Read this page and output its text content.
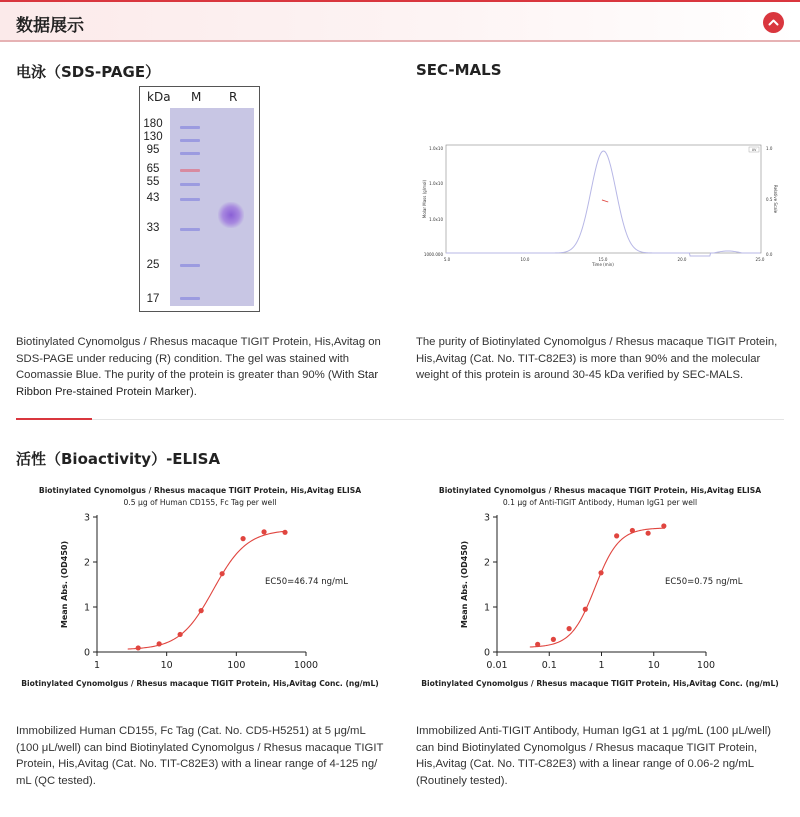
数据展示
电泳（SDS-PAGE）
kDa M R
180
130
95
65
55
43
33
25
17
Biotinylated Cynomolgus / Rhesus macaque TIGIT Protein, His,Avitag on
SDS-PAGE under reducing (R) condition. The gel was stained with
Coomassie Blue. The purity of the protein is greater than 90% (With Star
Ribbon Pre-stained Protein Marker).
SEC-MALS
1.0x10
1.0x10
1.0x10
1000.000
1.0
0.5
0.0
5.0	10.0	15.0	20.0	25.0
Time (min)
Molar Mass (g/mol)	Relative Scale
UV
The purity of Biotinylated Cynomolgus / Rhesus macaque TIGIT Protein,
His,Avitag (Cat. No. TIT-C82E3) is more than 90% and the molecular
weight of this protein is around 30-45 kDa verified by SEC-MALS.
活性（Bioactivity）-ELISA
Biotinylated Cynomolgus / Rhesus macaque TIGIT Protein, His,Avitag ELISA
0.5 μg of Human CD155, Fc Tag per well
0
1
2
3
1	10	100	1000
Mean Abs. (OD450)
Biotinylated Cynomolgus / Rhesus macaque TIGIT Protein, His,Avitag Conc. (ng/mL)
EC50=46.74 ng/mL
Biotinylated Cynomolgus / Rhesus macaque TIGIT Protein, His,Avitag ELISA
0.1 μg of Anti-TIGIT Antibody, Human IgG1 per well
0
1
2
3
0.01	0.1	1	10	100
Mean Abs. (OD450)
Biotinylated Cynomolgus / Rhesus macaque TIGIT Protein, His,Avitag Conc. (ng/mL)
EC50=0.75 ng/mL
Immobilized Human CD155, Fc Tag (Cat. No. CD5-H5251) at 5 μg/mL
(100 μL/well) can bind Biotinylated Cynomolgus / Rhesus macaque TIGIT
Protein, His,Avitag (Cat. No. TIT-C82E3) with a linear range of 4-125 ng/
mL (QC tested).
Immobilized Anti-TIGIT Antibody, Human IgG1 at 1 μg/mL (100 μL/well)
can bind Biotinylated Cynomolgus / Rhesus macaque TIGIT Protein,
His,Avitag (Cat. No. TIT-C82E3) with a linear range of 0.06-2 ng/mL
(Routinely tested).
